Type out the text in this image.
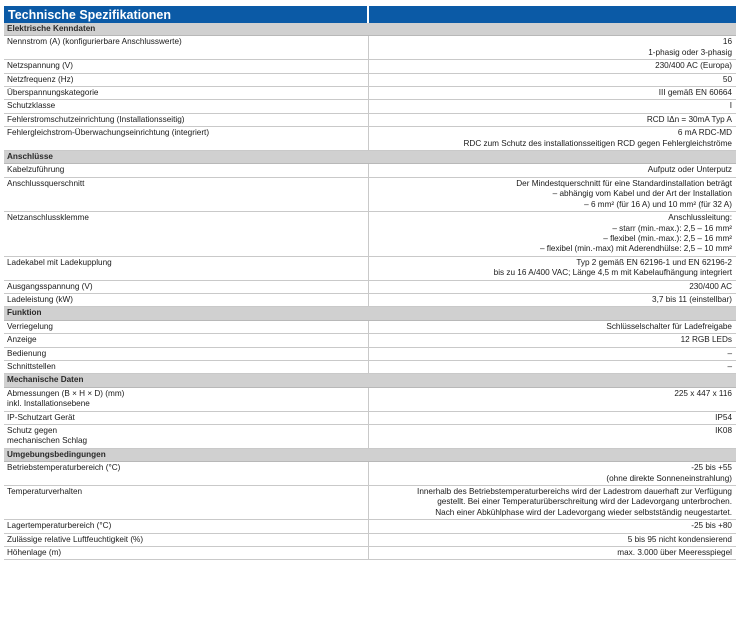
Technische Spezifikationen	
Elektrische Kenndaten	

Nennstrom (A) (konfigurierbare Anschlusswerte)	16
1-phasig oder 3-phasig

Netzspannung (V)	230/400 AC (Europa)

Netzfrequenz (Hz)	50

Überspannungskategorie	III gemäß EN 60664

Schutzklasse	I

Fehlerstromschutzeinrichtung (Installationsseitig)	RCD IΔn = 30mA Typ A

Fehlergleichstrom-Überwachungseinrichtung (integriert)	6 mA RDC-MD
RDC zum Schutz des installationsseitigen RCD gegen Fehlergleichströme

Anschlüsse	

Kabelzuführung	Aufputz oder Unterputz

Anschlussquerschnitt	Der Mindestquerschnitt für eine Standardinstallation beträgt
– abhängig vom Kabel und der Art der Installation
– 6 mm² (für 16 A) und 10 mm² (für 32 A)

Netzanschlussklemme	Anschlussleitung:
– starr (min.-max.): 2,5 – 16 mm²
– flexibel (min.-max.): 2,5 – 16 mm²
– flexibel (min.-max) mit Aderendhülse: 2,5 – 10 mm²

Ladekabel mit Ladekupplung	Typ 2 gemäß EN 62196-1 und EN 62196-2
bis zu 16 A/400 VAC; Länge 4,5 m mit Kabelaufhängung integriert

Ausgangsspannung (V)	230/400 AC

Ladeleistung (kW)	3,7 bis 11 (einstellbar)

Funktion	

Verriegelung	Schlüsselschalter für Ladefreigabe

Anzeige	12 RGB LEDs

Bedienung	–

Schnittstellen	–

Mechanische Daten	

Abmessungen (B × H × D) (mm)
inkl. Installationsebene	225 x 447 x 116

IP-Schutzart Gerät	IP54

Schutz gegen
mechanischen Schlag	IK08

Umgebungsbedingungen	

Betriebstemperaturbereich (°C)	-25 bis +55
(ohne direkte Sonneneinstrahlung)

Temperaturverhalten	Innerhalb des Betriebstemperaturbereichs wird der Ladestrom dauerhaft zur Verfügung
gestellt. Bei einer Temperaturüberschreitung wird der Ladevorgang unterbrochen.
Nach einer Abkühlphase wird der Ladevorgang wieder selbstständig neugestartet.

Lagertemperaturbereich (°C)	-25 bis +80

Zulässige relative Luftfeuchtigkeit (%)	5 bis 95 nicht kondensierend

Höhenlage (m)	max. 3.000 über Meeresspiegel
